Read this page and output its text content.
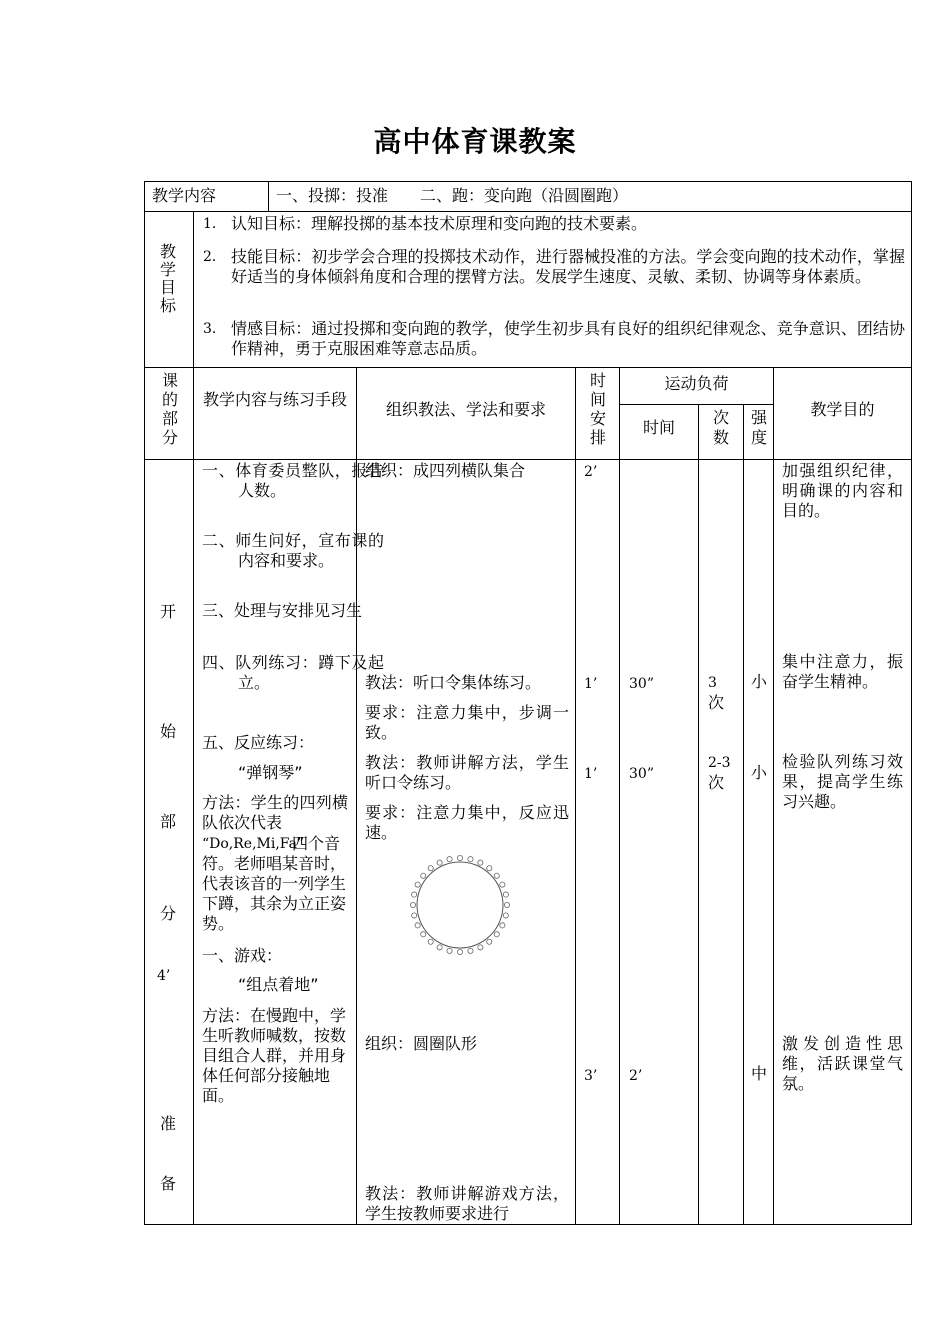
高中体育课教案
教学内容	一、投掷：投准　　二、跑：变向跑（沿圆圈跑）
教
学
目
标
1． 认知目标：理解投掷的基本技术原理和变向跑的技术要素。
2． 技能目标：初步学会合理的投掷技术动作，进行器械投准的方法。学会变向跑的技术动作，掌握好适当的身体倾斜角度和合理的摆臂方法。发展学生速度、灵敏、柔韧、协调等身体素质。
3． 情感目标：通过投掷和变向跑的教学，使学生初步具有良好的组织纪律观念、竞争意识、团结协作精神，勇于克服困难等意志品质。
课
的
部
分
教学内容与练习手段
组织教法、学法和要求
时
间
安
排
运动负荷
时间
次
数
强
度
教学目的
开
始
部
分
4’
准
备
一、体育委员整队，报告人数。
二、师生问好，宣布课的内容和要求。
三、处理与安排见习生
四、队列练习：蹲下及起立。
五、反应练习：
“弹钢琴”
方法：学生的四列横队依次代表
“Do,Re,Mi,Fa”
四个音符。老师唱某音时，代表该音的一列学生下蹲，其余为立正姿势。
一、游戏：
“组点着地”
方法：在慢跑中，学生听教师喊数，按数目组合人群，并用身体任何部分接触地面。
组织：成四列横队集合
教法：听口令集体练习。
要求：注意力集中，步调一致。
教法：教师讲解方法，学生听口令练习。
要求：注意力集中，反应迅速。
组织：圆圈队形
教法：教师讲解游戏方法，学生按教师要求进行
2’
1’
1’
3’
30”
30”
2’
3
次
2-3
次
小
小
中
加强组织纪律，明确课的内容和目的。
集中注意力，振奋学生精神。
检验队列练习效果，提高学生练习兴趣。
激发创造性思维，活跃课堂气氛。
